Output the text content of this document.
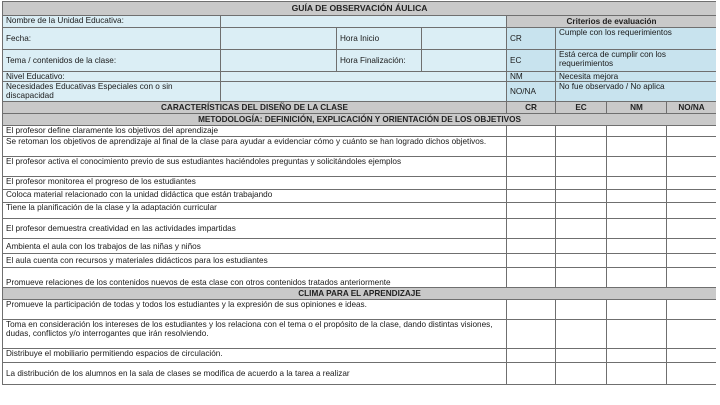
GUÍA DE OBSERVACIÓN ÁULICA							
Nombre de la Unidad Educativa:				Criterios de evaluación			
Fecha:		Hora Inicio		CR	Cumple con los requerimientos		
Tema / contenidos de la clase:		Hora Finalización:		EC	Está cerca de cumplir con los requerimientos		
Nivel Educativo:				NM	Necesita mejora		
Necesidades Educativas Especiales con o sin discapacidad				NO/NA	No fue observado / No aplica		
CARACTERÍSTICAS DEL DISEÑO DE LA CLASE				CR	EC	NM	NO/NA
METODOLOGÍA: DEFINICIÓN, EXPLICACIÓN Y ORIENTACIÓN DE LOS OBJETIVOS							
El profesor define claramente los objetivos del aprendizaje							
Se retoman los objetivos de aprendizaje al final de la clase para ayudar a evidenciar cómo y cuánto se han logrado dichos objetivos.							
El profesor activa el conocimiento previo de sus estudiantes haciéndoles preguntas y solicitándoles ejemplos							
El profesor monitorea el progreso de los estudiantes							
Coloca material relacionado con la unidad didáctica que están trabajando							
Tiene la planificación de la clase y la adaptación curricular							
El profesor demuestra creatividad en las actividades impartidas							
Ambienta el aula con los trabajos de las niñas y niños							
El aula cuenta con recursos y materiales didácticos para los estudiantes							
Promueve relaciones de los contenidos nuevos de esta clase con otros contenidos tratados anteriormente							
CLIMA PARA EL APRENDIZAJE							
Promueve la participación de todas y todos los estudiantes y la expresión de sus opiniones e ideas.							
Toma en consideración los intereses de los estudiantes y los relaciona con el tema o el propósito de la clase, dando distintas visiones, dudas, conflictos y/o interrogantes que irán resolviendo.							
Distribuye el mobiliario permitiendo espacios de circulación.							
La distribución de los alumnos en la sala de clases se modifica de acuerdo a la tarea a realizar							
